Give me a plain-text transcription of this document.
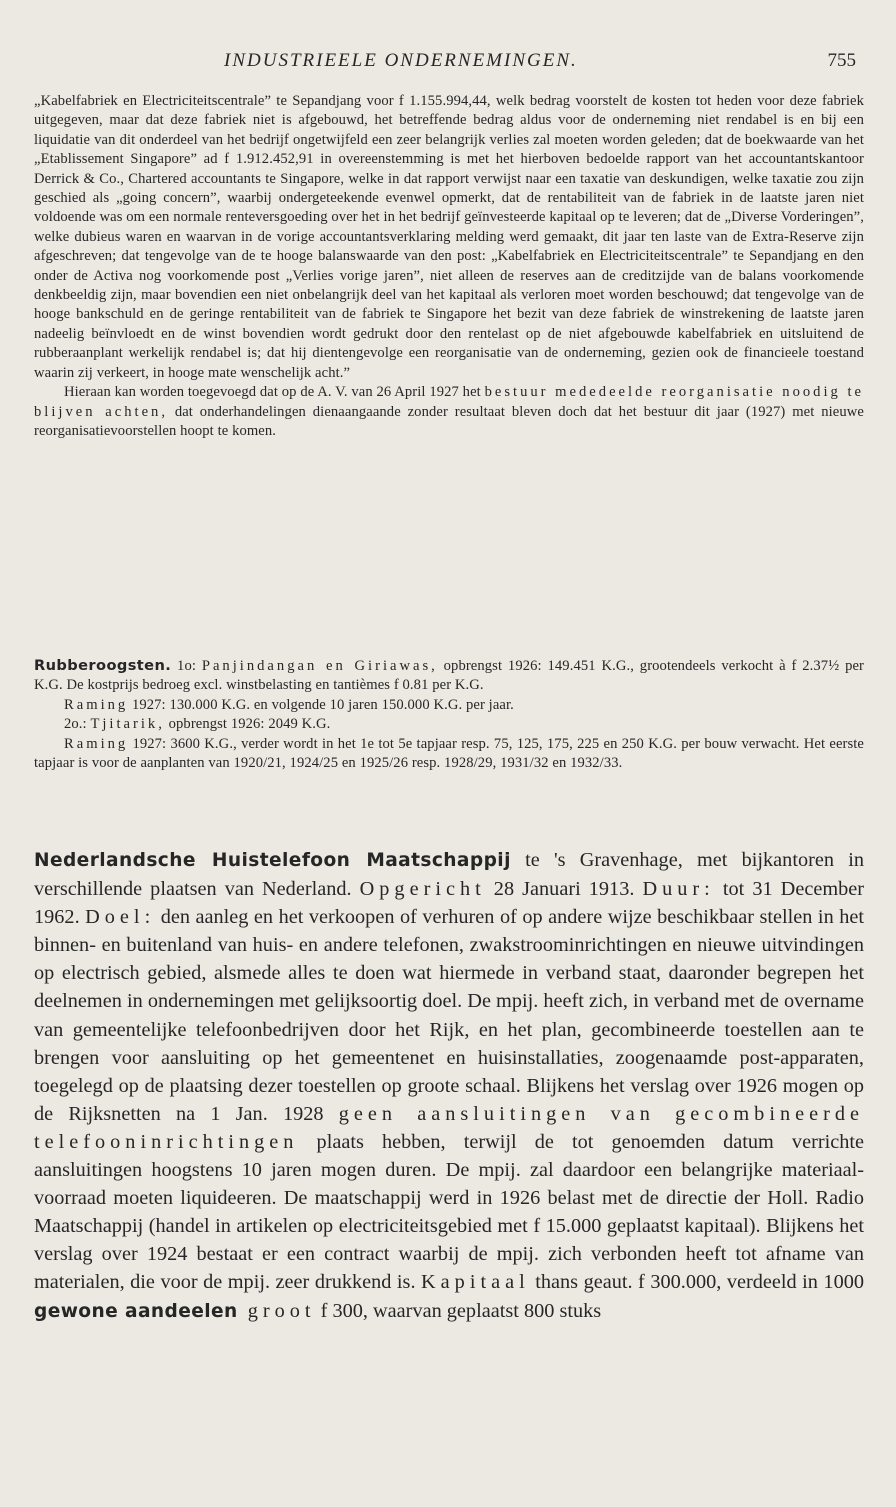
INDUSTRIEELE ONDERNEMINGEN.	755

„Kabelfabriek en Electriciteitscentrale” te Sepandjang voor f 1.155.994,44, welk bedrag voorstelt de kosten tot heden voor deze fabriek uitgegeven, maar dat deze fabriek niet is afgebouwd, het betreffende bedrag aldus voor de onderneming niet rendabel is en bij een liquidatie van dit onderdeel van het bedrijf ongetwijfeld een zeer belangrijk verlies zal moeten worden geleden; dat de boekwaarde van het „Etablissement Singapore” ad f 1.912.452,91 in overeenstemming is met het hierboven bedoelde rapport van het accountantskantoor Derrick & Co., Chartered accountants te Singapore, welke in dat rapport verwijst naar een taxatie van deskundigen, welke taxatie zou zijn geschied als „going concern”, waarbij ondergeteekende evenwel opmerkt, dat de rentabiliteit van de fabriek in de laatste jaren niet voldoende was om een normale renteversgoeding over het in het bedrijf geïnvesteerde kapitaal op te leveren; dat de „Diverse Vorderingen”, welke dubieus waren en waarvan in de vorige accountantsverklaring melding werd gemaakt, dit jaar ten laste van de Extra-Reserve zijn afgeschreven; dat tengevolge van de te hooge balanswaarde van den post: „Kabelfabriek en Electriciteitscentrale” te Sepandjang en den onder de Activa nog voorkomende post „Verlies vorige jaren”, niet alleen de reserves aan de creditzijde van de balans voorkomende denkbeeldig zijn, maar bovendien een niet onbelangrijk deel van het kapitaal als verloren moet worden beschouwd; dat tengevolge van de hooge bankschuld en de geringe rentabiliteit van de fabriek te Singapore het bezit van deze fabriek de winstrekening de laatste jaren nadeelig beïnvloedt en de winst bovendien wordt gedrukt door den rentelast op de niet afgebouwde kabelfabriek en uitsluitend de rubberaanplant werkelijk rendabel is; dat hij dientengevolge een reorganisatie van de onderneming, gezien ook de financieele toestand waarin zij verkeert, in hooge mate wenschelijk acht.”

Hieraan kan worden toegevoegd dat op de A. V. van 26 April 1927 het bestuur mededeelde reorganisatie noodig te blijven achten, dat onderhandelingen dienaangaande zonder resultaat bleven doch dat het bestuur dit jaar (1927) met nieuwe reorganisatievoorstellen hoopt te komen.

Rubberoogsten. 1o: Panjindangan en Giriawas, opbrengst 1926: 149.451 K.G., grootendeels verkocht à f 2.37½ per K.G. De kostprijs bedroeg excl. winstbelasting en tantièmes f 0.81 per K.G.

Raming 1927: 130.000 K.G. en volgende 10 jaren 150.000 K.G. per jaar.

2o.: Tjitarik, opbrengst 1926: 2049 K.G.

Raming 1927: 3600 K.G., verder wordt in het 1e tot 5e tapjaar resp. 75, 125, 175, 225 en 250 K.G. per bouw verwacht. Het eerste tapjaar is voor de aanplanten van 1920/21, 1924/25 en 1925/26 resp. 1928/29, 1931/32 en 1932/33.

Nederlandsche Huistelefoon Maatschappij te 's Gravenhage, met bijkantoren in verschillende plaatsen van Nederland. Opgericht 28 Januari 1913. Duur: tot 31 December 1962. Doel: den aanleg en het verkoopen of verhuren of op andere wijze beschikbaar stellen in het binnen- en buitenland van huis- en andere telefonen, zwakstroominrichtingen en nieuwe uitvindingen op electrisch gebied, alsmede alles te doen wat hiermede in verband staat, daaronder begrepen het deelnemen in ondernemingen met gelijksoortig doel. De mpij. heeft zich, in verband met de overname van gemeentelijke telefoonbedrijven door het Rijk, en het plan, gecombineerde toestellen aan te brengen voor aansluiting op het gemeentenet en huisinstallaties, zoogenaamde post-apparaten, toegelegd op de plaatsing dezer toestellen op groote schaal. Blijkens het verslag over 1926 mogen op de Rijksnetten na 1 Jan. 1928 geen aansluitingen van gecombineerde telefooninrichtingen plaats hebben, terwijl de tot genoemden datum verrichte aansluitingen hoogstens 10 jaren mogen duren. De mpij. zal daardoor een belangrijke materiaal-voorraad moeten liquideeren. De maatschappij werd in 1926 belast met de directie der Holl. Radio Maatschappij (handel in artikelen op electriciteitsgebied met f 15.000 geplaatst kapitaal). Blijkens het verslag over 1924 bestaat er een contract waarbij de mpij. zich verbonden heeft tot afname van materialen, die voor de mpij. zeer drukkend is. Kapitaal thans geaut. f 300.000, verdeeld in 1000 gewone aandeelen groot f 300, waarvan geplaatst 800 stuks
